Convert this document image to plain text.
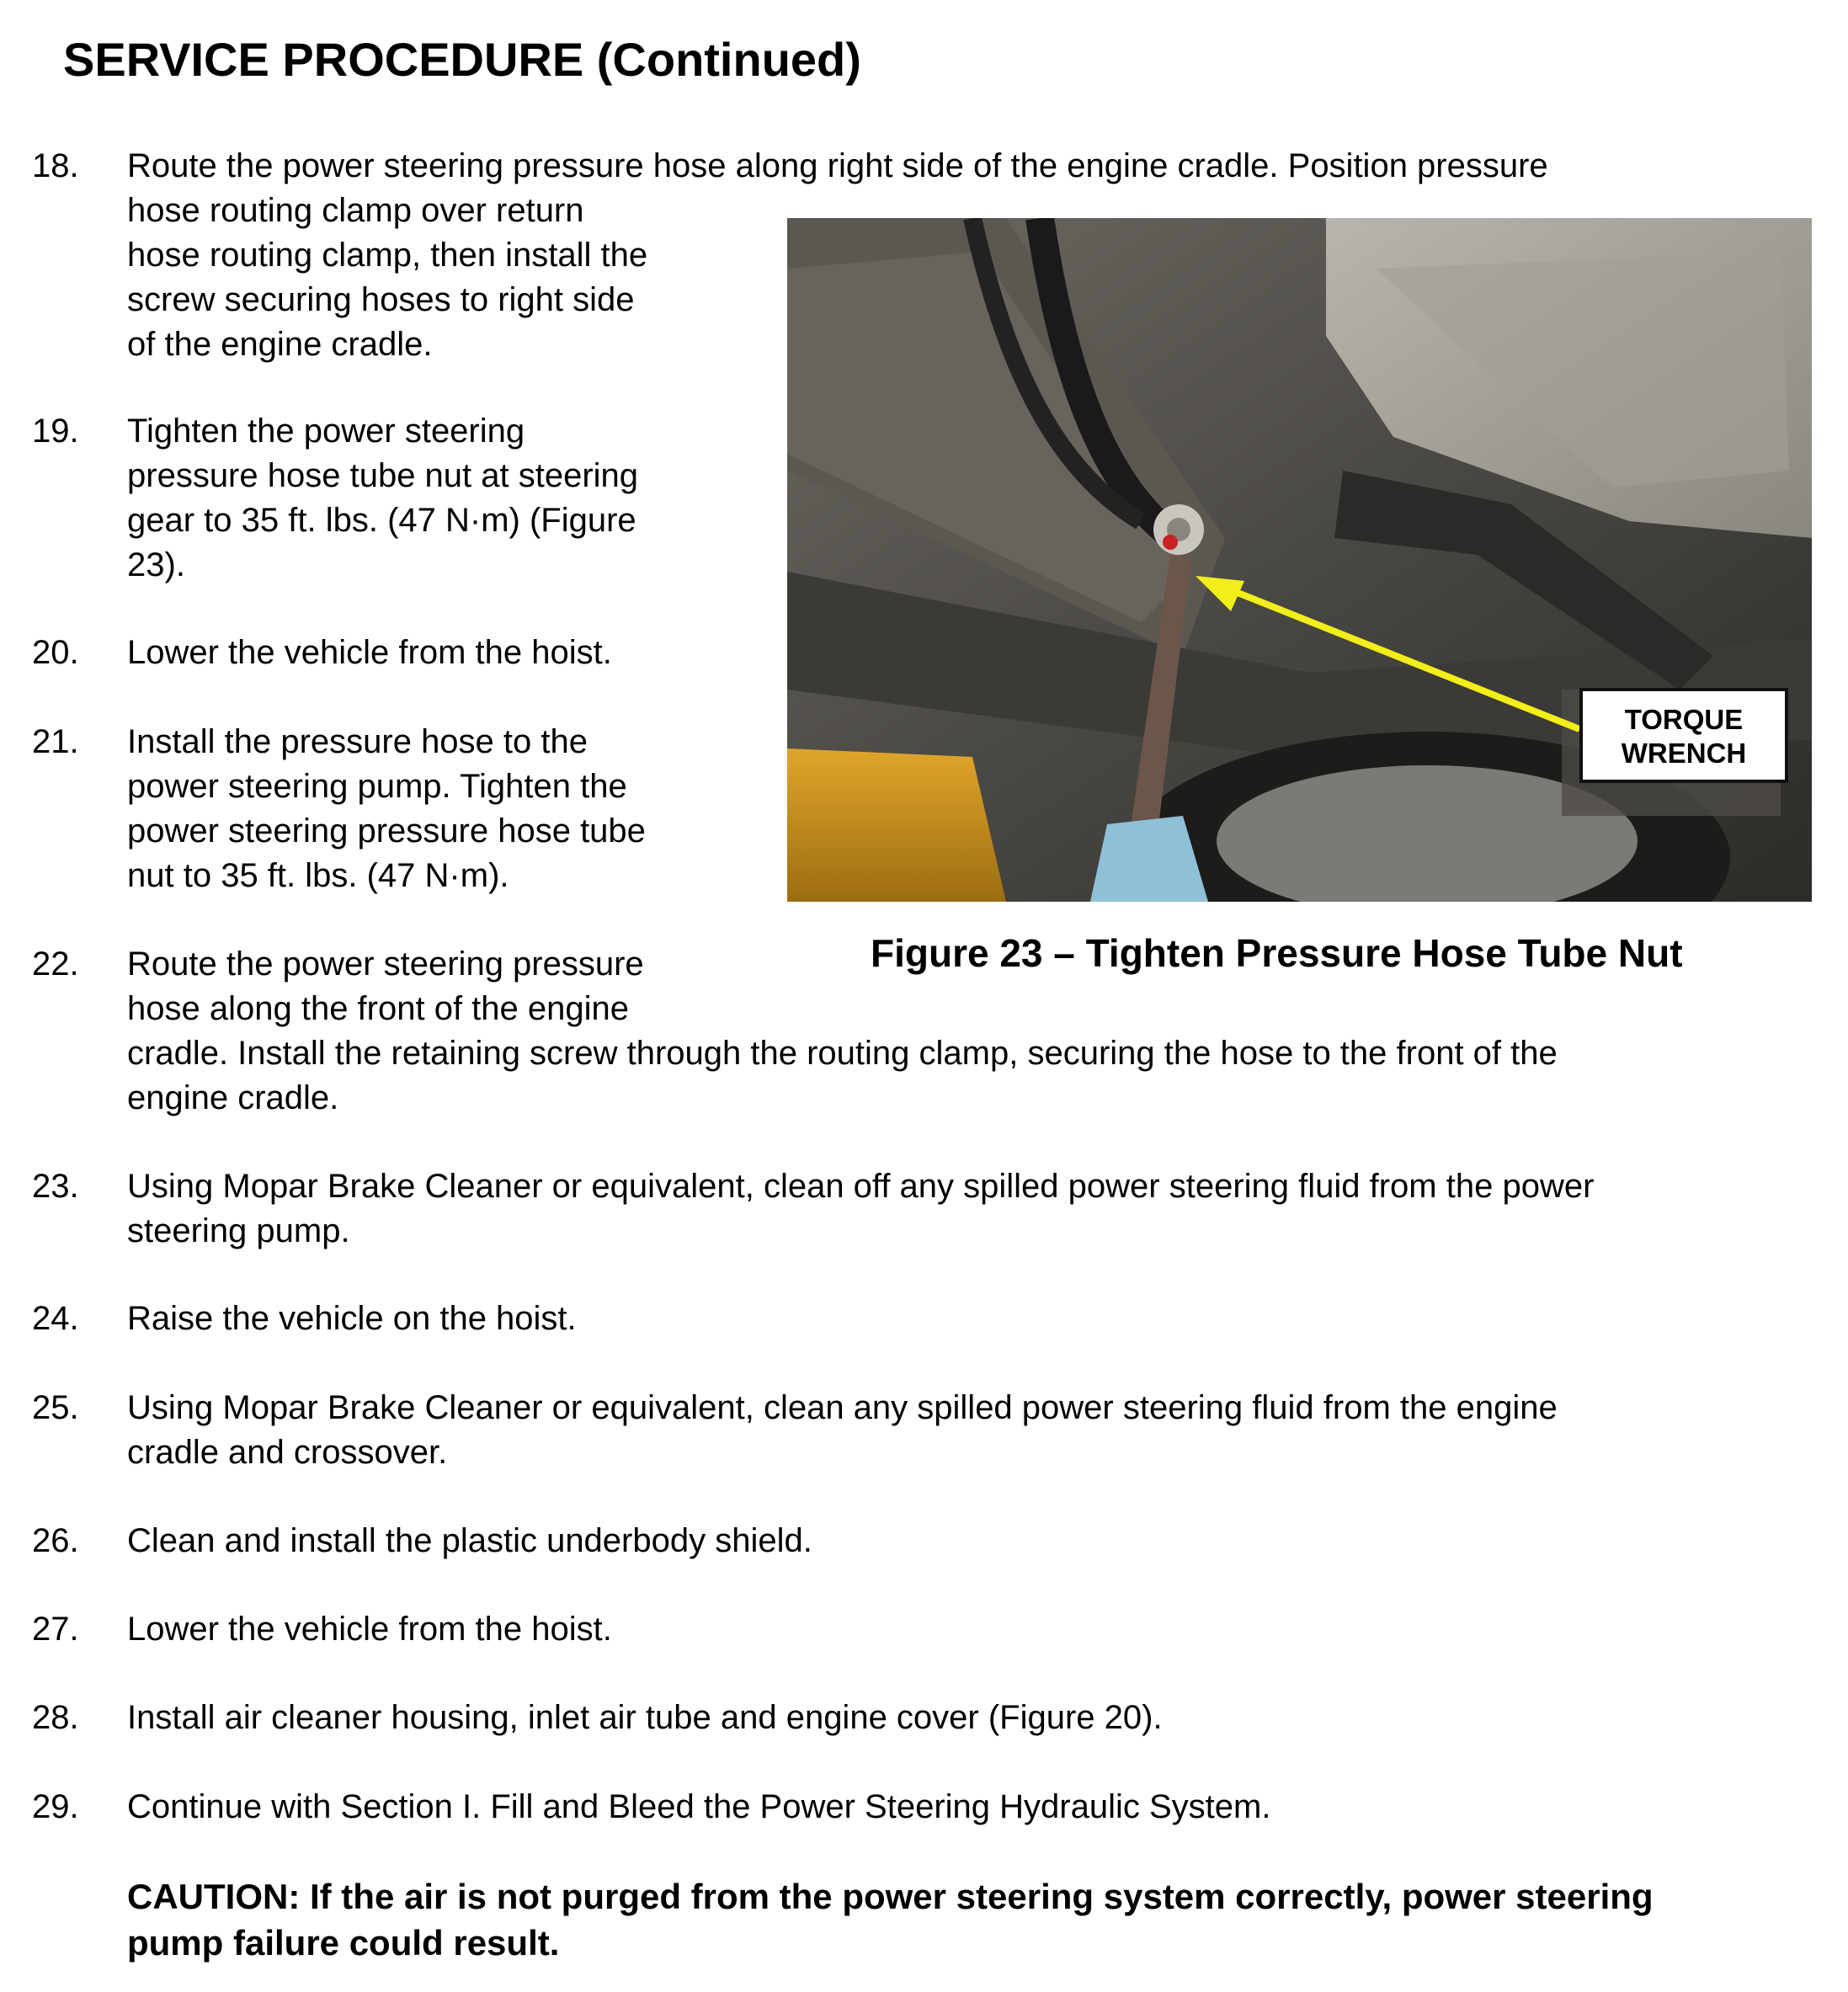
SERVICE PROCEDURE (Continued)
18. Route the power steering pressure hose along right side of the engine cradle. Position pressure
hose routing clamp over return
hose routing clamp, then install the
screw securing hoses to right side
of the engine cradle.
19. Tighten the power steering
pressure hose tube nut at steering
gear to 35 ft. lbs. (47 N·m) (Figure
23).
20. Lower the vehicle from the hoist.
21. Install the pressure hose to the
power steering pump. Tighten the
power steering pressure hose tube
nut to 35 ft. lbs. (47 N·m).
22. Route the power steering pressure
hose along the front of the engine
cradle. Install the retaining screw through the routing clamp, securing the hose to the front of the
engine cradle.
23. Using Mopar Brake Cleaner or equivalent, clean off any spilled power steering fluid from the power
steering pump.
24. Raise the vehicle on the hoist.
25. Using Mopar Brake Cleaner or equivalent, clean any spilled power steering fluid from the engine
cradle and crossover.
26. Clean and install the plastic underbody shield.
27. Lower the vehicle from the hoist.
28. Install air cleaner housing, inlet air tube and engine cover (Figure 20).
29. Continue with Section I. Fill and Bleed the Power Steering Hydraulic System.
CAUTION: If the air is not purged from the power steering system correctly, power steering
pump failure could result.
TORQUE
WRENCH
Figure 23 – Tighten Pressure Hose Tube Nut
